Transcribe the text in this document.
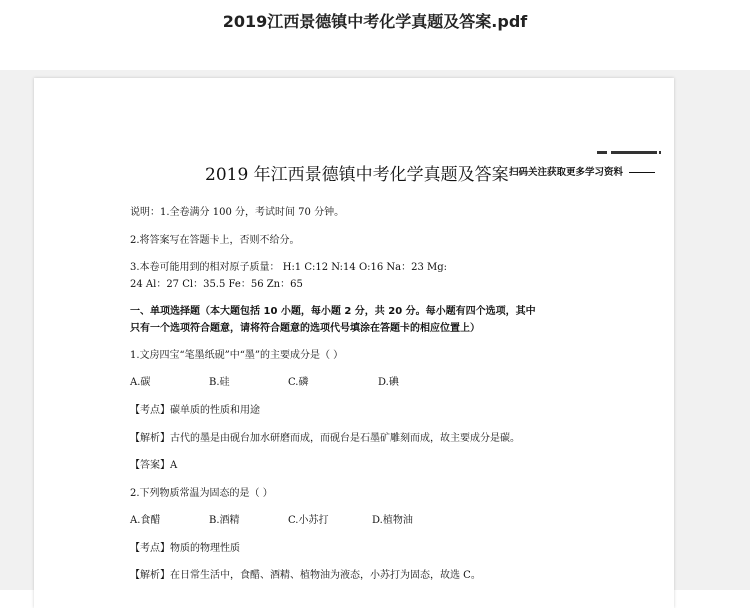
2019江西景德镇中考化学真题及答案.pdf
2019 年江西景德镇中考化学真题及答案 扫码关注获取更多学习资料
说明：1.全卷满分 100 分，考试时间 70 分钟。
2.将答案写在答题卡上，否则不给分。
3.本卷可能用到的相对原子质量： H:1 C:12 N:14 O:16 Na：23 Mg:
24 Al：27 Cl：35.5 Fe：56 Zn：65
一、单项选择题（本大题包括 10 小题，每小题 2 分，共 20 分。每小题有四个选项，其中
只有一个选项符合题意，请将符合题意的选项代号填涂在答题卡的相应位置上）
1.文房四宝“笔墨纸砚”中“墨”的主要成分是（ ）
A.碳	B.硅	C.磷	D.碘
【考点】碳单质的性质和用途
【解析】古代的墨是由砚台加水研磨而成，而砚台是石墨矿雕刻而成，故主要成分是碳。
【答案】A
2.下列物质常温为固态的是（ ）
A.食醋	B.酒精	C.小苏打	D.植物油
【考点】物质的物理性质
【解析】在日常生活中，食醋、酒精、植物油为液态，小苏打为固态，故选 C。
